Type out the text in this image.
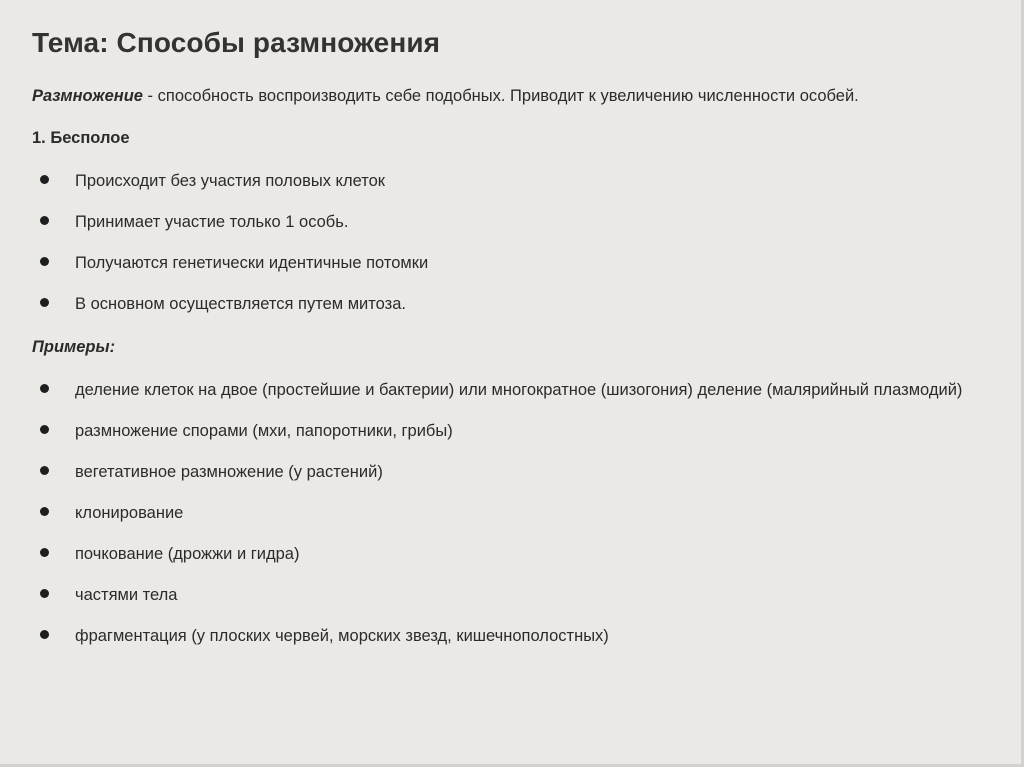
Тема: Способы размножения
Размножение - способность воспроизводить себе подобных. Приводит к увеличению численности особей.
1. Бесполое
Происходит без участия половых клеток
Принимает участие только 1 особь.
Получаются генетически идентичные потомки
В основном осуществляется путем митоза.
Примеры:
деление клеток на двое (простейшие и бактерии) или многократное (шизогония) деление (малярийный плазмодий)
размножение спорами (мхи, папоротники, грибы)
вегетативное размножение (у растений)
клонирование
почкование (дрожжи и гидра)
частями тела
фрагментация (у плоских червей, морских звезд, кишечнополостных)
